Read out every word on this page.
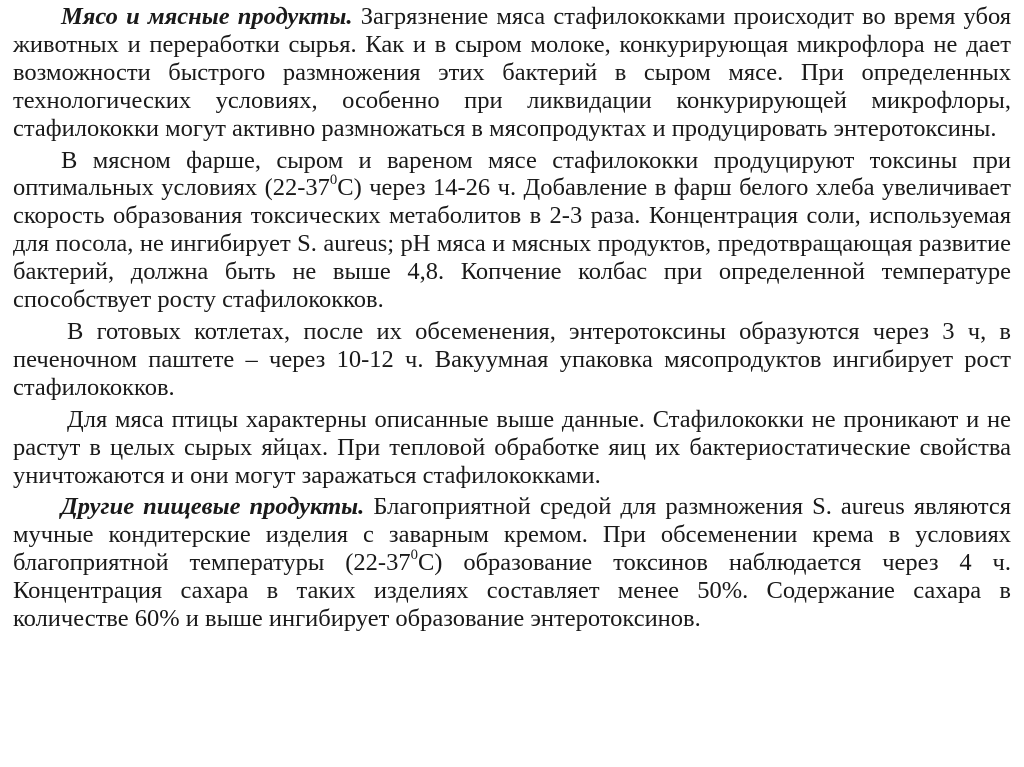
Мясо и мясные продукты. Загрязнение мяса стафилококками происходит во время убоя животных и переработки сырья. Как и в сыром молоке, конкурирующая микрофлора не дает возможности быстрого размножения этих бактерий в сыром мясе. При определенных технологических условиях, особенно при ликвидации конкурирующей микрофлоры, стафилококки могут активно размножаться в мясопродуктах и продуцировать энтеротоксины.

В мясном фарше, сыром и вареном мясе стафилококки продуцируют токсины при оптимальных условиях $(22-37^0С)$ через 14-26 ч. Добавление в фарш белого хлеба увеличивает скорость образования токсических метаболитов в 2-3 раза. Концентрация соли, используемая для посола, не ингибирует S. aureus; pH мяса и мясных продуктов, предотвращающая развитие бактерий, должна быть не выше 4,8. Копчение колбас при определенной температуре способствует росту стафилококков.

В готовых котлетах, после их обсеменения, энтеротоксины образуются через 3 ч, в печеночном паштете – через 10-12 ч. Вакуумная упаковка мясопродуктов ингибирует рост стафилококков.

Для мяса птицы характерны описанные выше данные. Стафилококки не проникают и не растут в целых сырых яйцах. При тепловой обработке яиц их бактериостатические свойства уничтожаются и они могут заражаться стафилококками.

Другие пищевые продукты. Благоприятной средой для размножения S. aureus являются мучные кондитерские изделия с заварным кремом. При обсеменении крема в условиях благоприятной температуры $(22-37^0С)$ образование токсинов наблюдается через 4 ч. Концентрация сахара в таких изделиях составляет менее 50%. Содержание сахара в количестве 60% и выше ингибирует образование энтеротоксинов.
